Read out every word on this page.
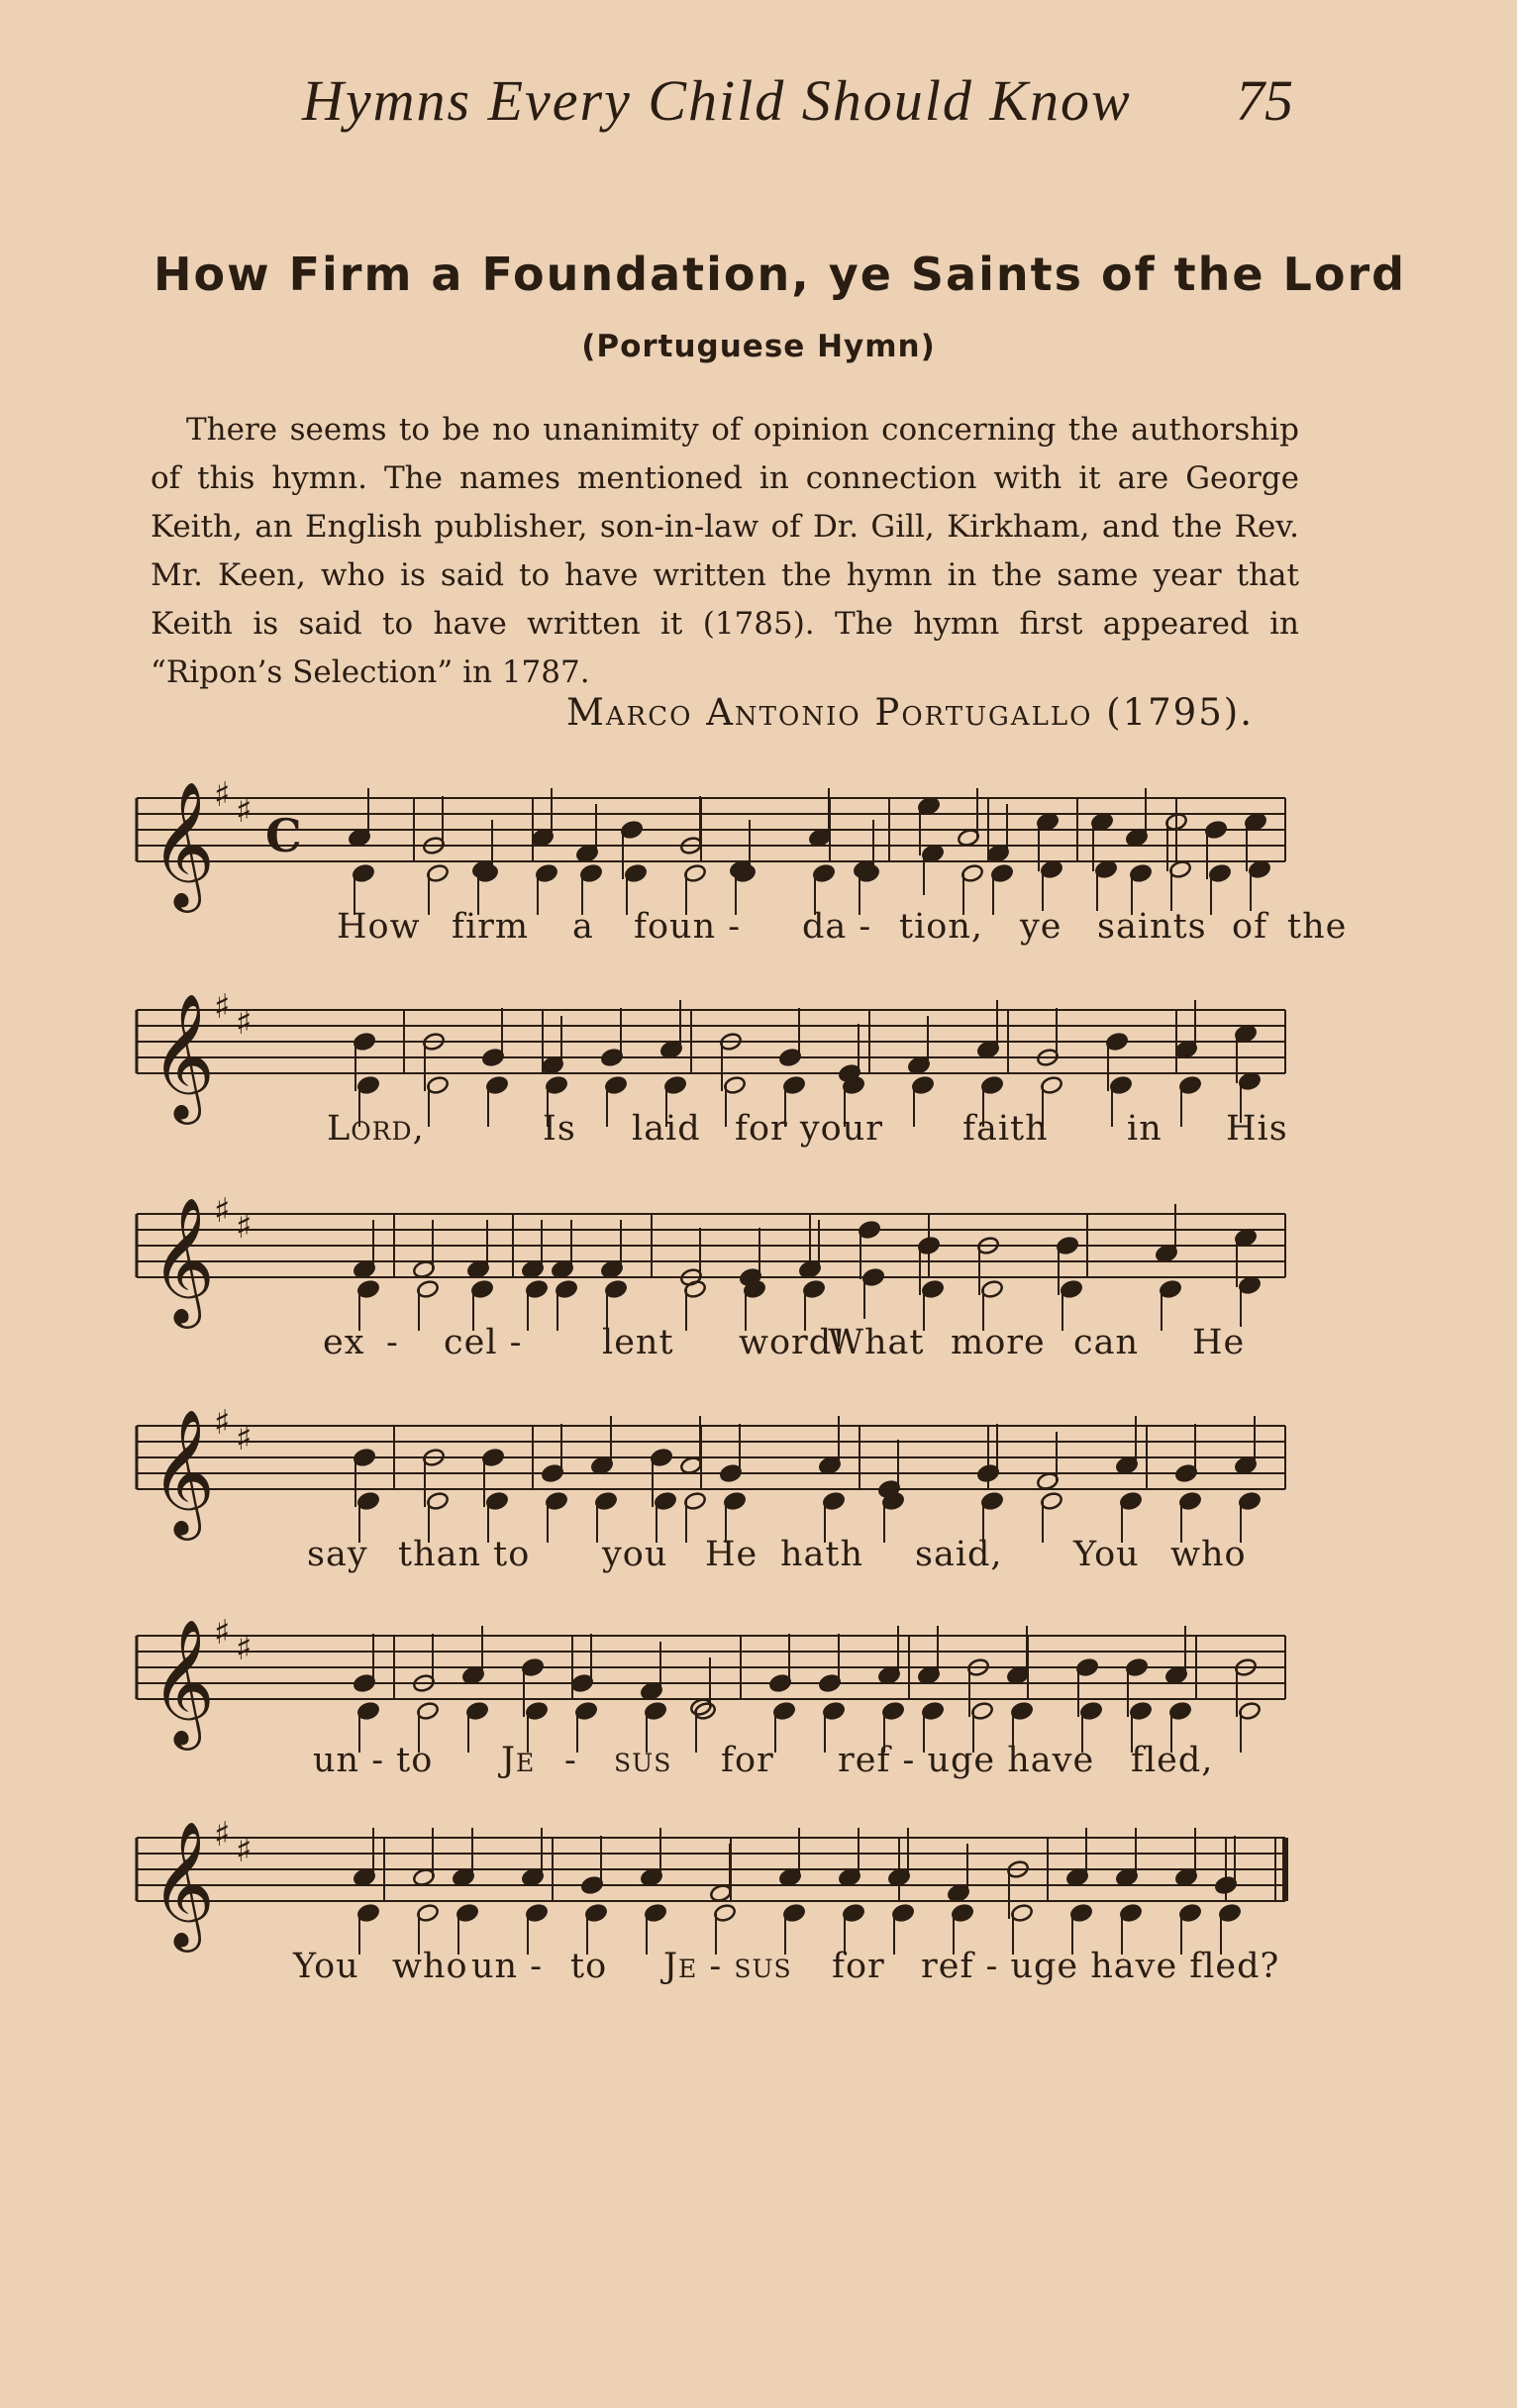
Hymns Every Child Should Know 75
How Firm a Foundation, ye Saints of the Lord
(Portuguese Hymn)

There seems to be no unanimity of opinion concerning the authorship of this hymn. The names mentioned in connection with it are George Keith, an English publisher, son-in-law of Dr. Gill, Kirkham, and the Rev. Mr. Keen, who is said to have written the hymn in the same year that Keith is said to have written it (1785). The hymn first appeared in “Ripon’s Selection” in 1787.

Marco Antonio Portugallo (1795).
𝄞
♯ ♯ C
How firm a foun - da - tion, ye saints of the
𝄞
♯ ♯
Lord,	Is laid for your faith in His
𝄞
♯ ♯
ex - cel - lent word!
What more can He
𝄞
♯ ♯
say than to you He hath said, You who
𝄞
♯ ♯
un - to Je - sus for ref - uge have fled,
𝄞
♯ ♯
You who un - to Je - sus for ref - uge have fled?
